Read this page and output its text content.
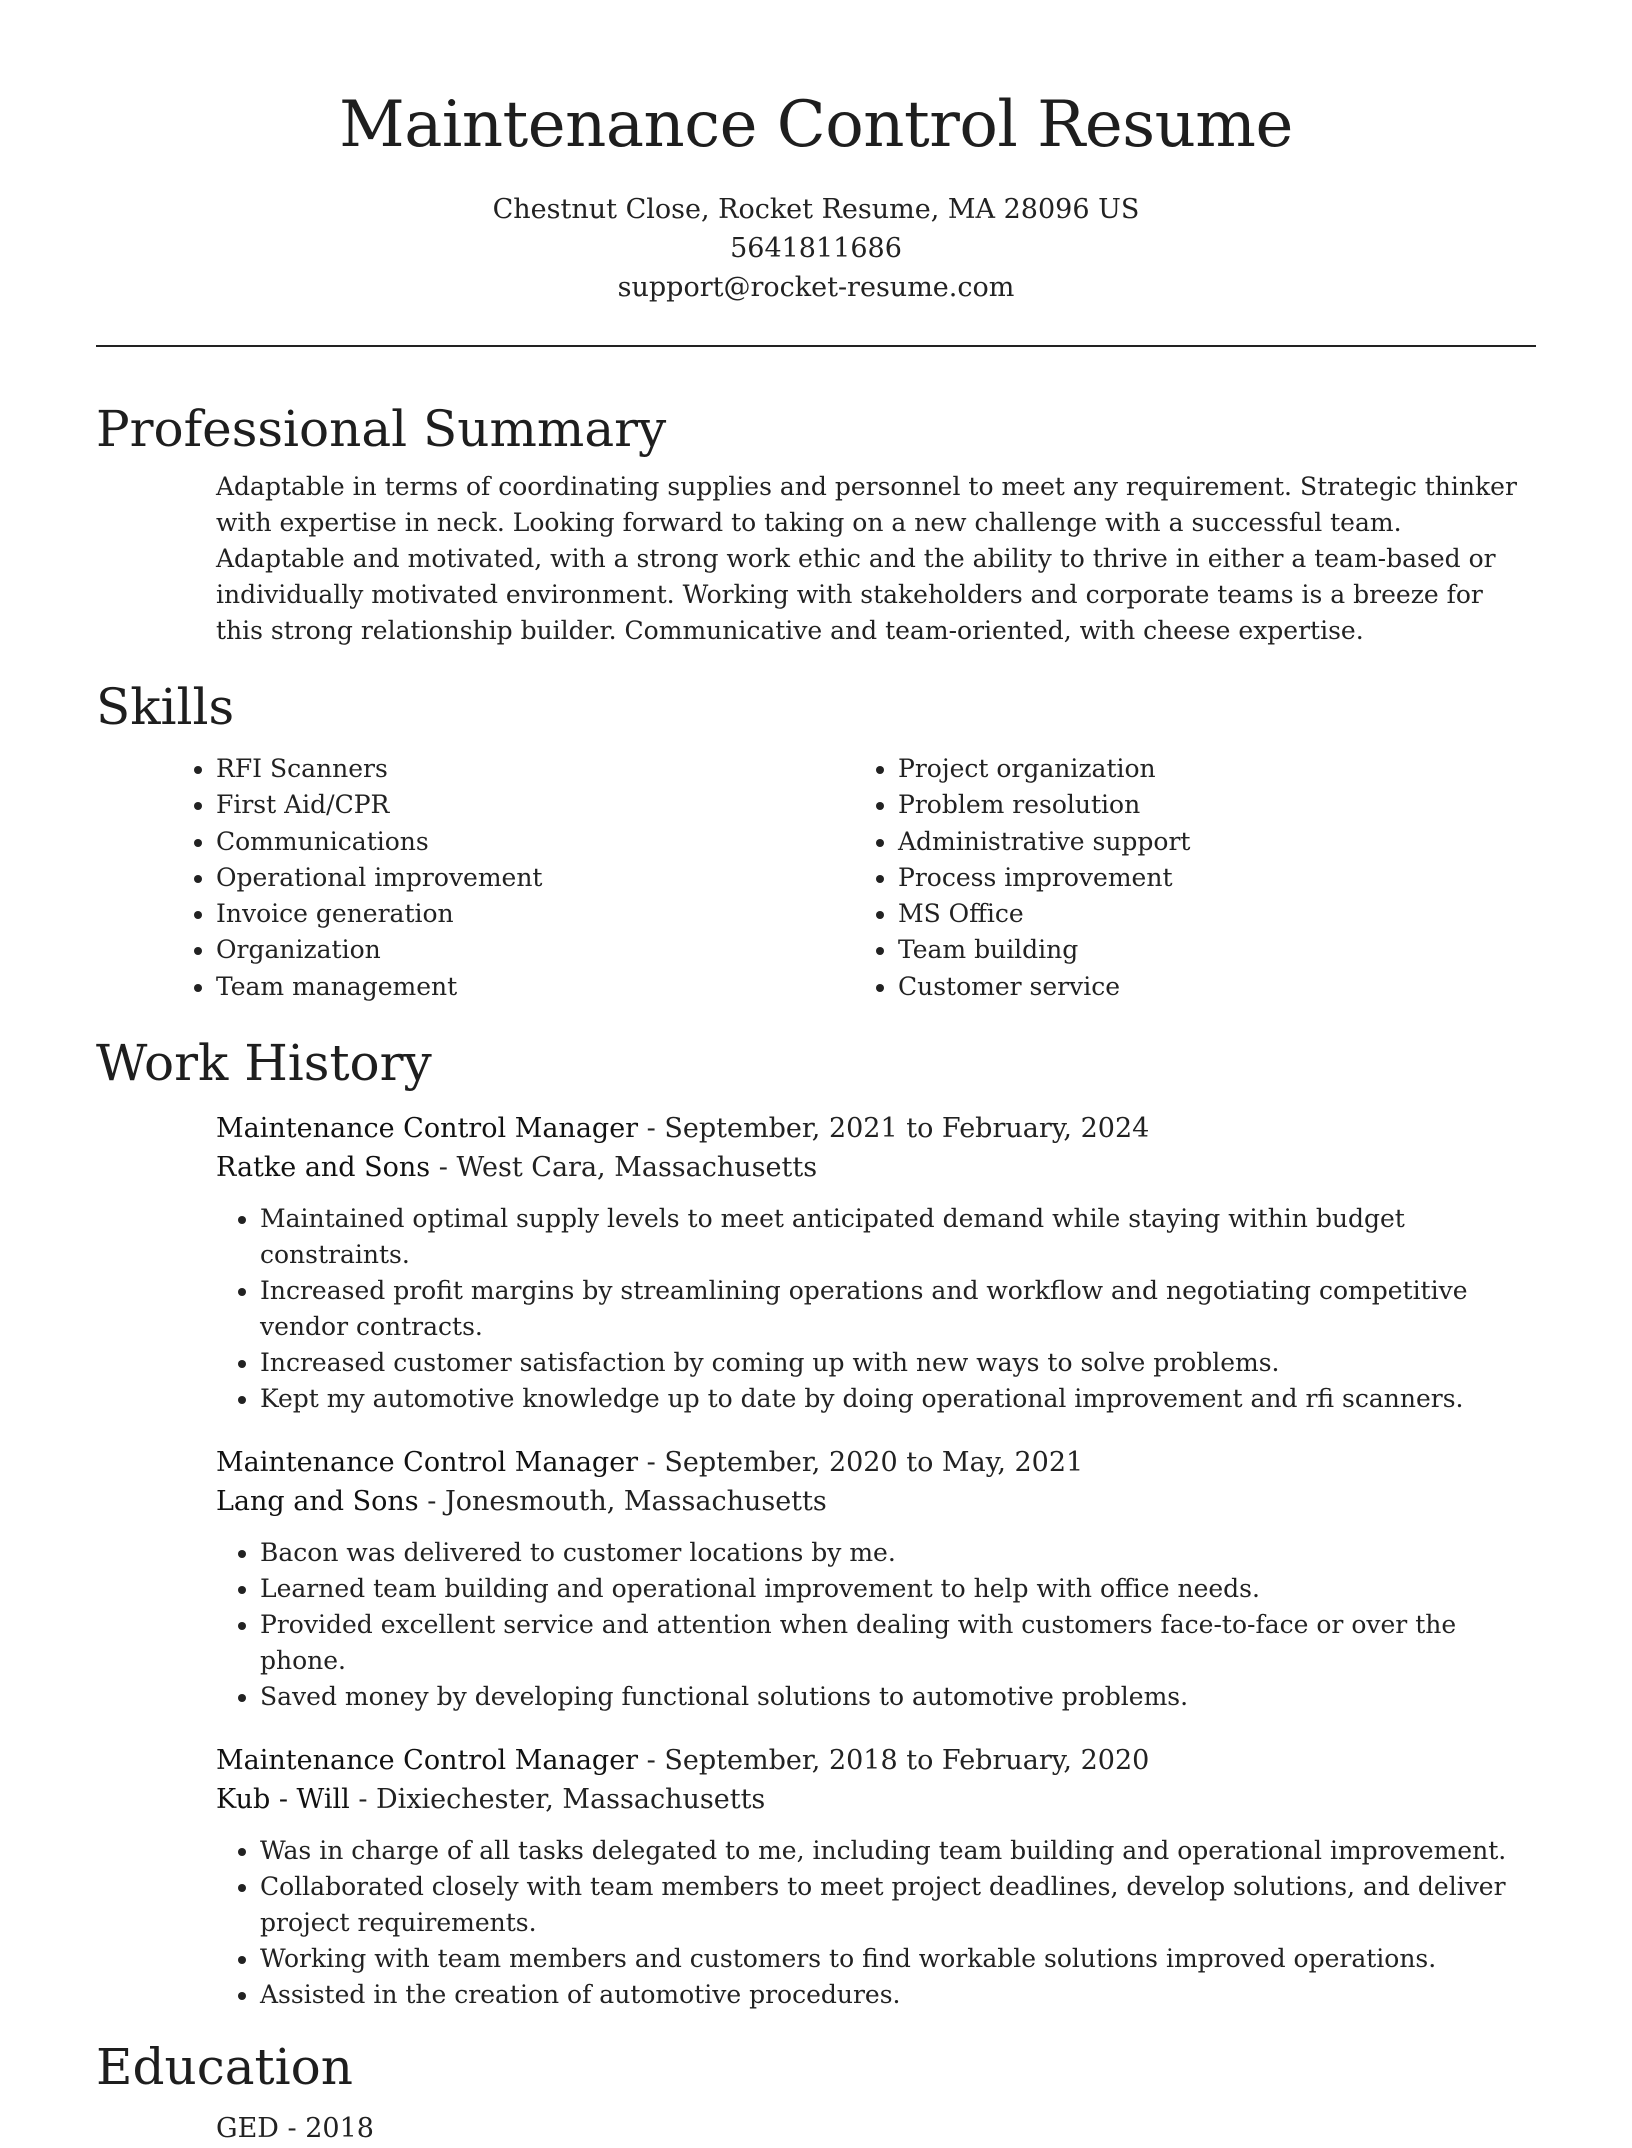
Maintenance Control Resume
Chestnut Close, Rocket Resume, MA 28096 US
5641811686
support@rocket-resume.com
Professional Summary

Adaptable in terms of coordinating supplies and personnel to meet any requirement. Strategic thinker with expertise in neck. Looking forward to taking on a new challenge with a successful team. Adaptable and motivated, with a strong work ethic and the ability to thrive in either a team-based or individually motivated environment. Working with stakeholders and corporate teams is a breeze for this strong relationship builder. Communicative and team-oriented, with cheese expertise.

Skills
• RFI Scanners
• First Aid/CPR
• Communications
• Operational improvement
• Invoice generation
• Organization
• Team management
• Project organization
• Problem resolution
• Administrative support
• Process improvement
• MS Office
• Team building
• Customer service
Work History
Maintenance Control Manager - September, 2021 to February, 2024
Ratke and Sons - West Cara, Massachusetts
• Maintained optimal supply levels to meet anticipated demand while staying within budget constraints.
• Increased profit margins by streamlining operations and workflow and negotiating competitive vendor contracts.
• Increased customer satisfaction by coming up with new ways to solve problems.
• Kept my automotive knowledge up to date by doing operational improvement and rfi scanners.
Maintenance Control Manager - September, 2020 to May, 2021
Lang and Sons - Jonesmouth, Massachusetts
• Bacon was delivered to customer locations by me.
• Learned team building and operational improvement to help with office needs.
• Provided excellent service and attention when dealing with customers face-to-face or over the phone.
• Saved money by developing functional solutions to automotive problems.
Maintenance Control Manager - September, 2018 to February, 2020
Kub - Will - Dixiechester, Massachusetts
• Was in charge of all tasks delegated to me, including team building and operational improvement.
• Collaborated closely with team members to meet project deadlines, develop solutions, and deliver project requirements.
• Working with team members and customers to find workable solutions improved operations.
• Assisted in the creation of automotive procedures.
Education
GED - 2018
